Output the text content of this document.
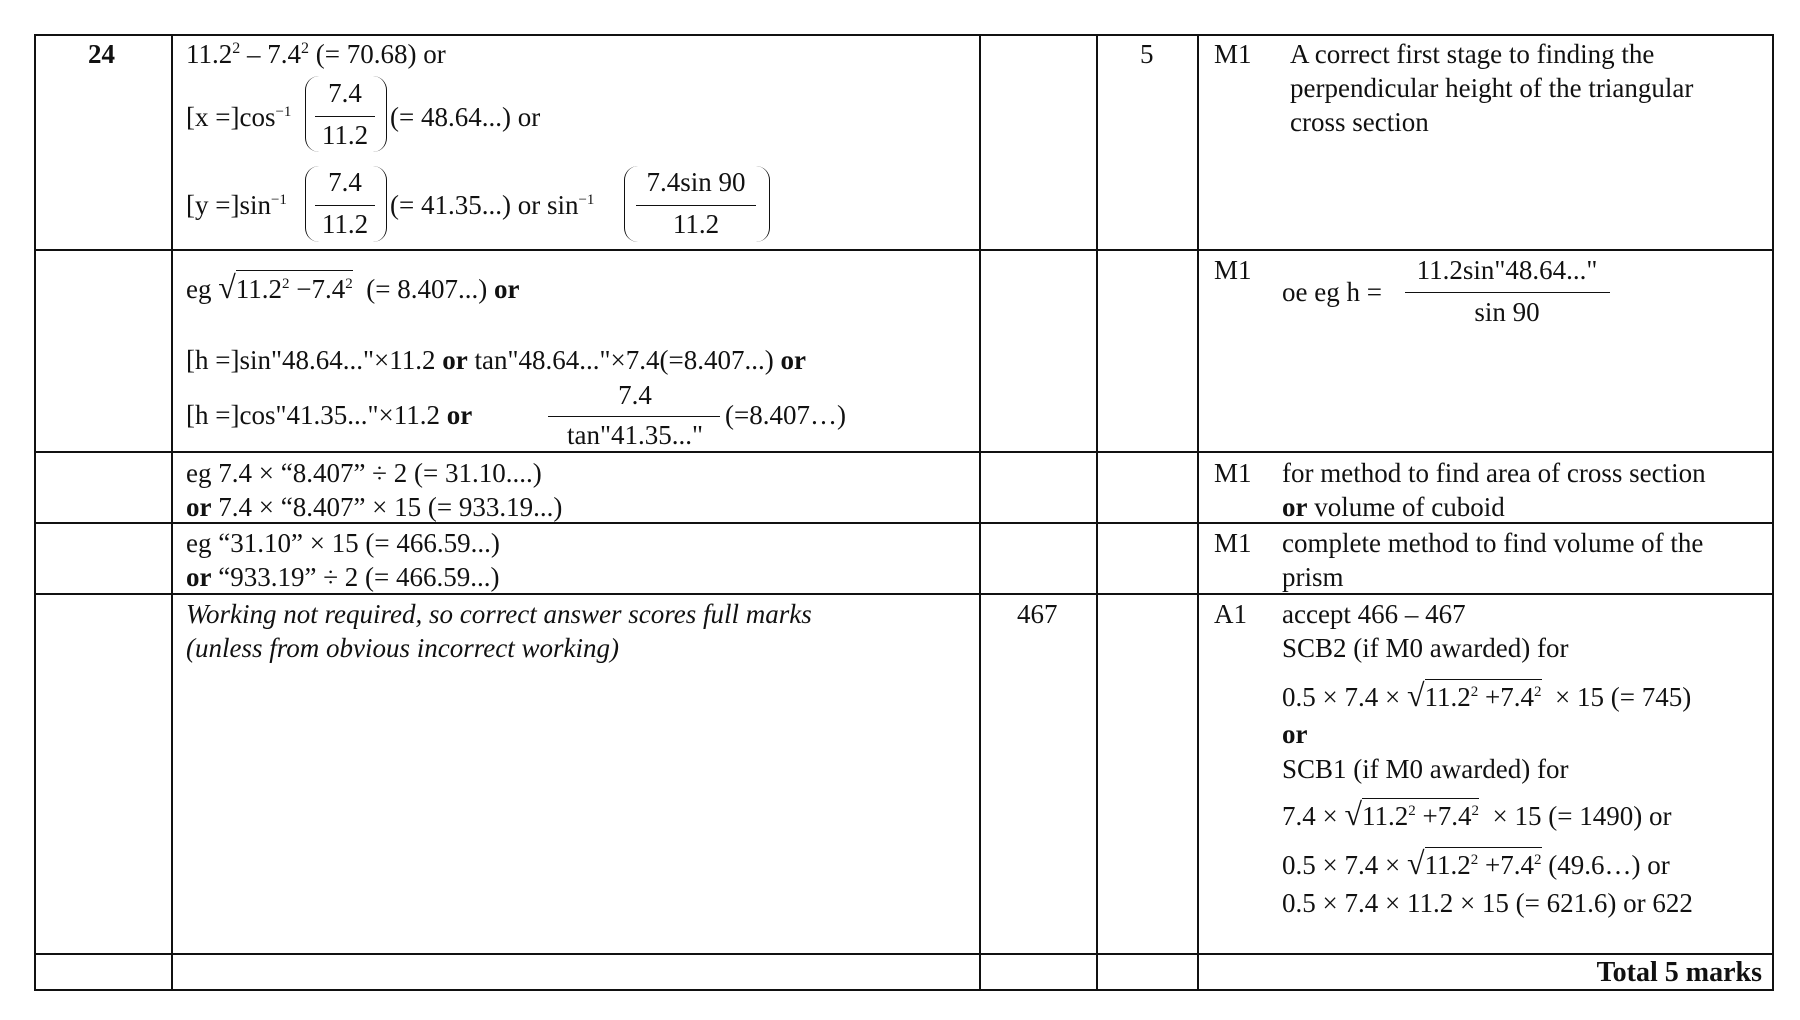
24	$11.2^2 - 7.4^2$ (= 70.68) or
$[x =]\cos^{-1}$
7.4
11.2
(= 48.64...) or
$[y =]\sin^{-1}$
7.4
11.2
(= 41.35...) or $\sin^{-1}$
7.4sin 90
11.2
5 M1 A correct first stage to finding the perpendicular height of the triangular cross section
eg $√11.2^2 -7.4^2$ (= 8.407...) or
[h =]sin"48.64..."×11.2 or tan"48.64..."×7.4(=8.407...) or
[h =]cos"41.35..."×11.2 or
7.4
tan"41.35..."
(=8.407…)
M1
oe eg h =
11.2sin"48.64..."
sin 90
eg 7.4 × “8.407” ÷ 2 (= 31.10....)
or 7.4 × “8.407” × 15 (= 933.19...)
M1 for method to find area of cross section
or volume of cuboid
eg “31.10” × 15 (= 466.59...)
or “933.19” ÷ 2 (= 466.59...)
M1 complete method to find volume of the
prism
Working not required, so correct answer scores full marks
(unless from obvious incorrect working)
467	A1 accept 466 – 467
SCB2 (if M0 awarded) for
$0.5 \times 7.4 \times √11.2^2 +7.4^2 \times 15$ (= 745)
or
SCB1 (if M0 awarded) for
$7.4 \times √11.2^2 +7.4^2 \times 15$ (= 1490) or
$0.5 \times 7.4 \times √11.2^2 +7.4^2$ (49.6…) or
0.5 × 7.4 × 11.2 × 15 (= 621.6) or 622
Total 5 marks
